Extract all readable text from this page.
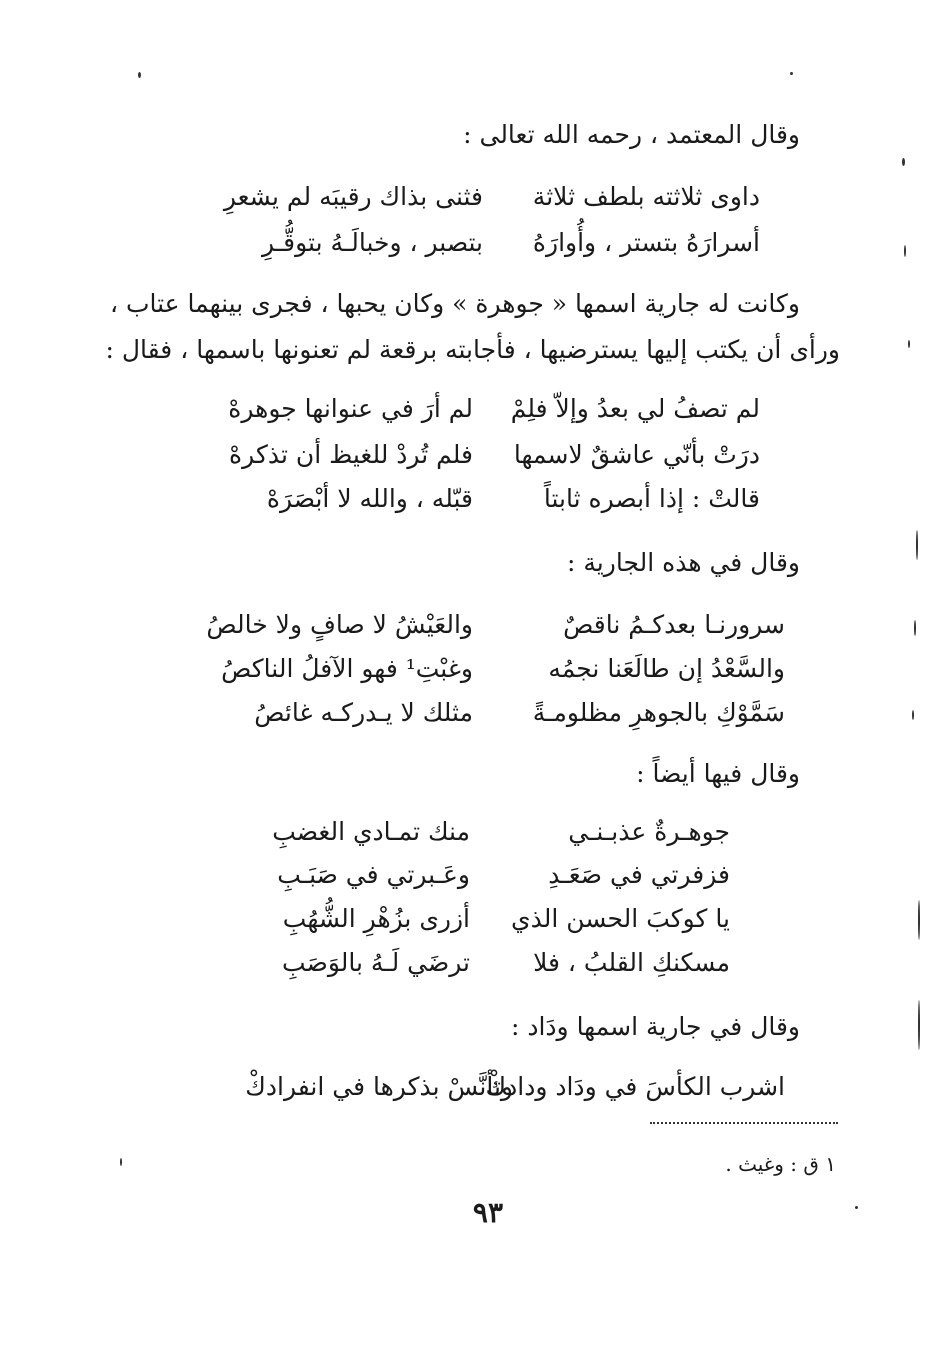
وقال المعتمد ، رحمه الله تعالى :
داوى ثلاثته بلطف ثلاثة
فثنى بذاك رقيبَه لم يشعرِ
أسرارَهُ بتستر ، وأُوارَهُ
بتصبر ، وخبالَـهُ بتوقُّـرِ
وكانت له جارية اسمها « جوهرة » وكان يحبها ، فجرى بينهما عتاب ،
ورأى أن يكتب إليها يسترضيها ، فأجابته برقعة لم تعنونها باسمها ، فقال :
لم تصفُ لي بعدُ وإلاّ فلِمْ
لم أرَ في عنوانها جوهرهْ
درَتْ بأنّي عاشقٌ لاسمها
فلم تُردْ للغيظ أن تذكرهْ
قالتْ : إذا أبصره ثابتاً
قبّله ، والله لا أبْصَرَهْ
وقال في هذه الجارية :
سرورنـا بعدكـمُ ناقصٌ
والعَيْشُ لا صافٍ ولا خالصُ
والسَّعْدُ إن طالَعَنا نجمُه
وغبْتِ¹ فهو الآفلُ الناكصُ
سَمَّوْكِ بالجوهرِ مظلومـةً
مثلك لا يـدركـه غائصُ
وقال فيها أيضاً :
جوهـرةٌ عذبـنـي
منك تمـادي الغضبِ
فزفرتي في صَعَـدِ
وعَـبرتي في صَبَـبِ
يا كوكبَ الحسن الذي
أزرى بزُهْرِ الشُّهُبِ
مسكنكِ القلبُ ، فلا
ترضَي لَـهُ بالوَصَبِ
وقال في جارية اسمها ودَاد :
اشرب الكأسَ في ودَاد ودادكْ
وتأنَّسْ بذكرها في انفرادكْ
١ ق : وغيث .
٩٣
